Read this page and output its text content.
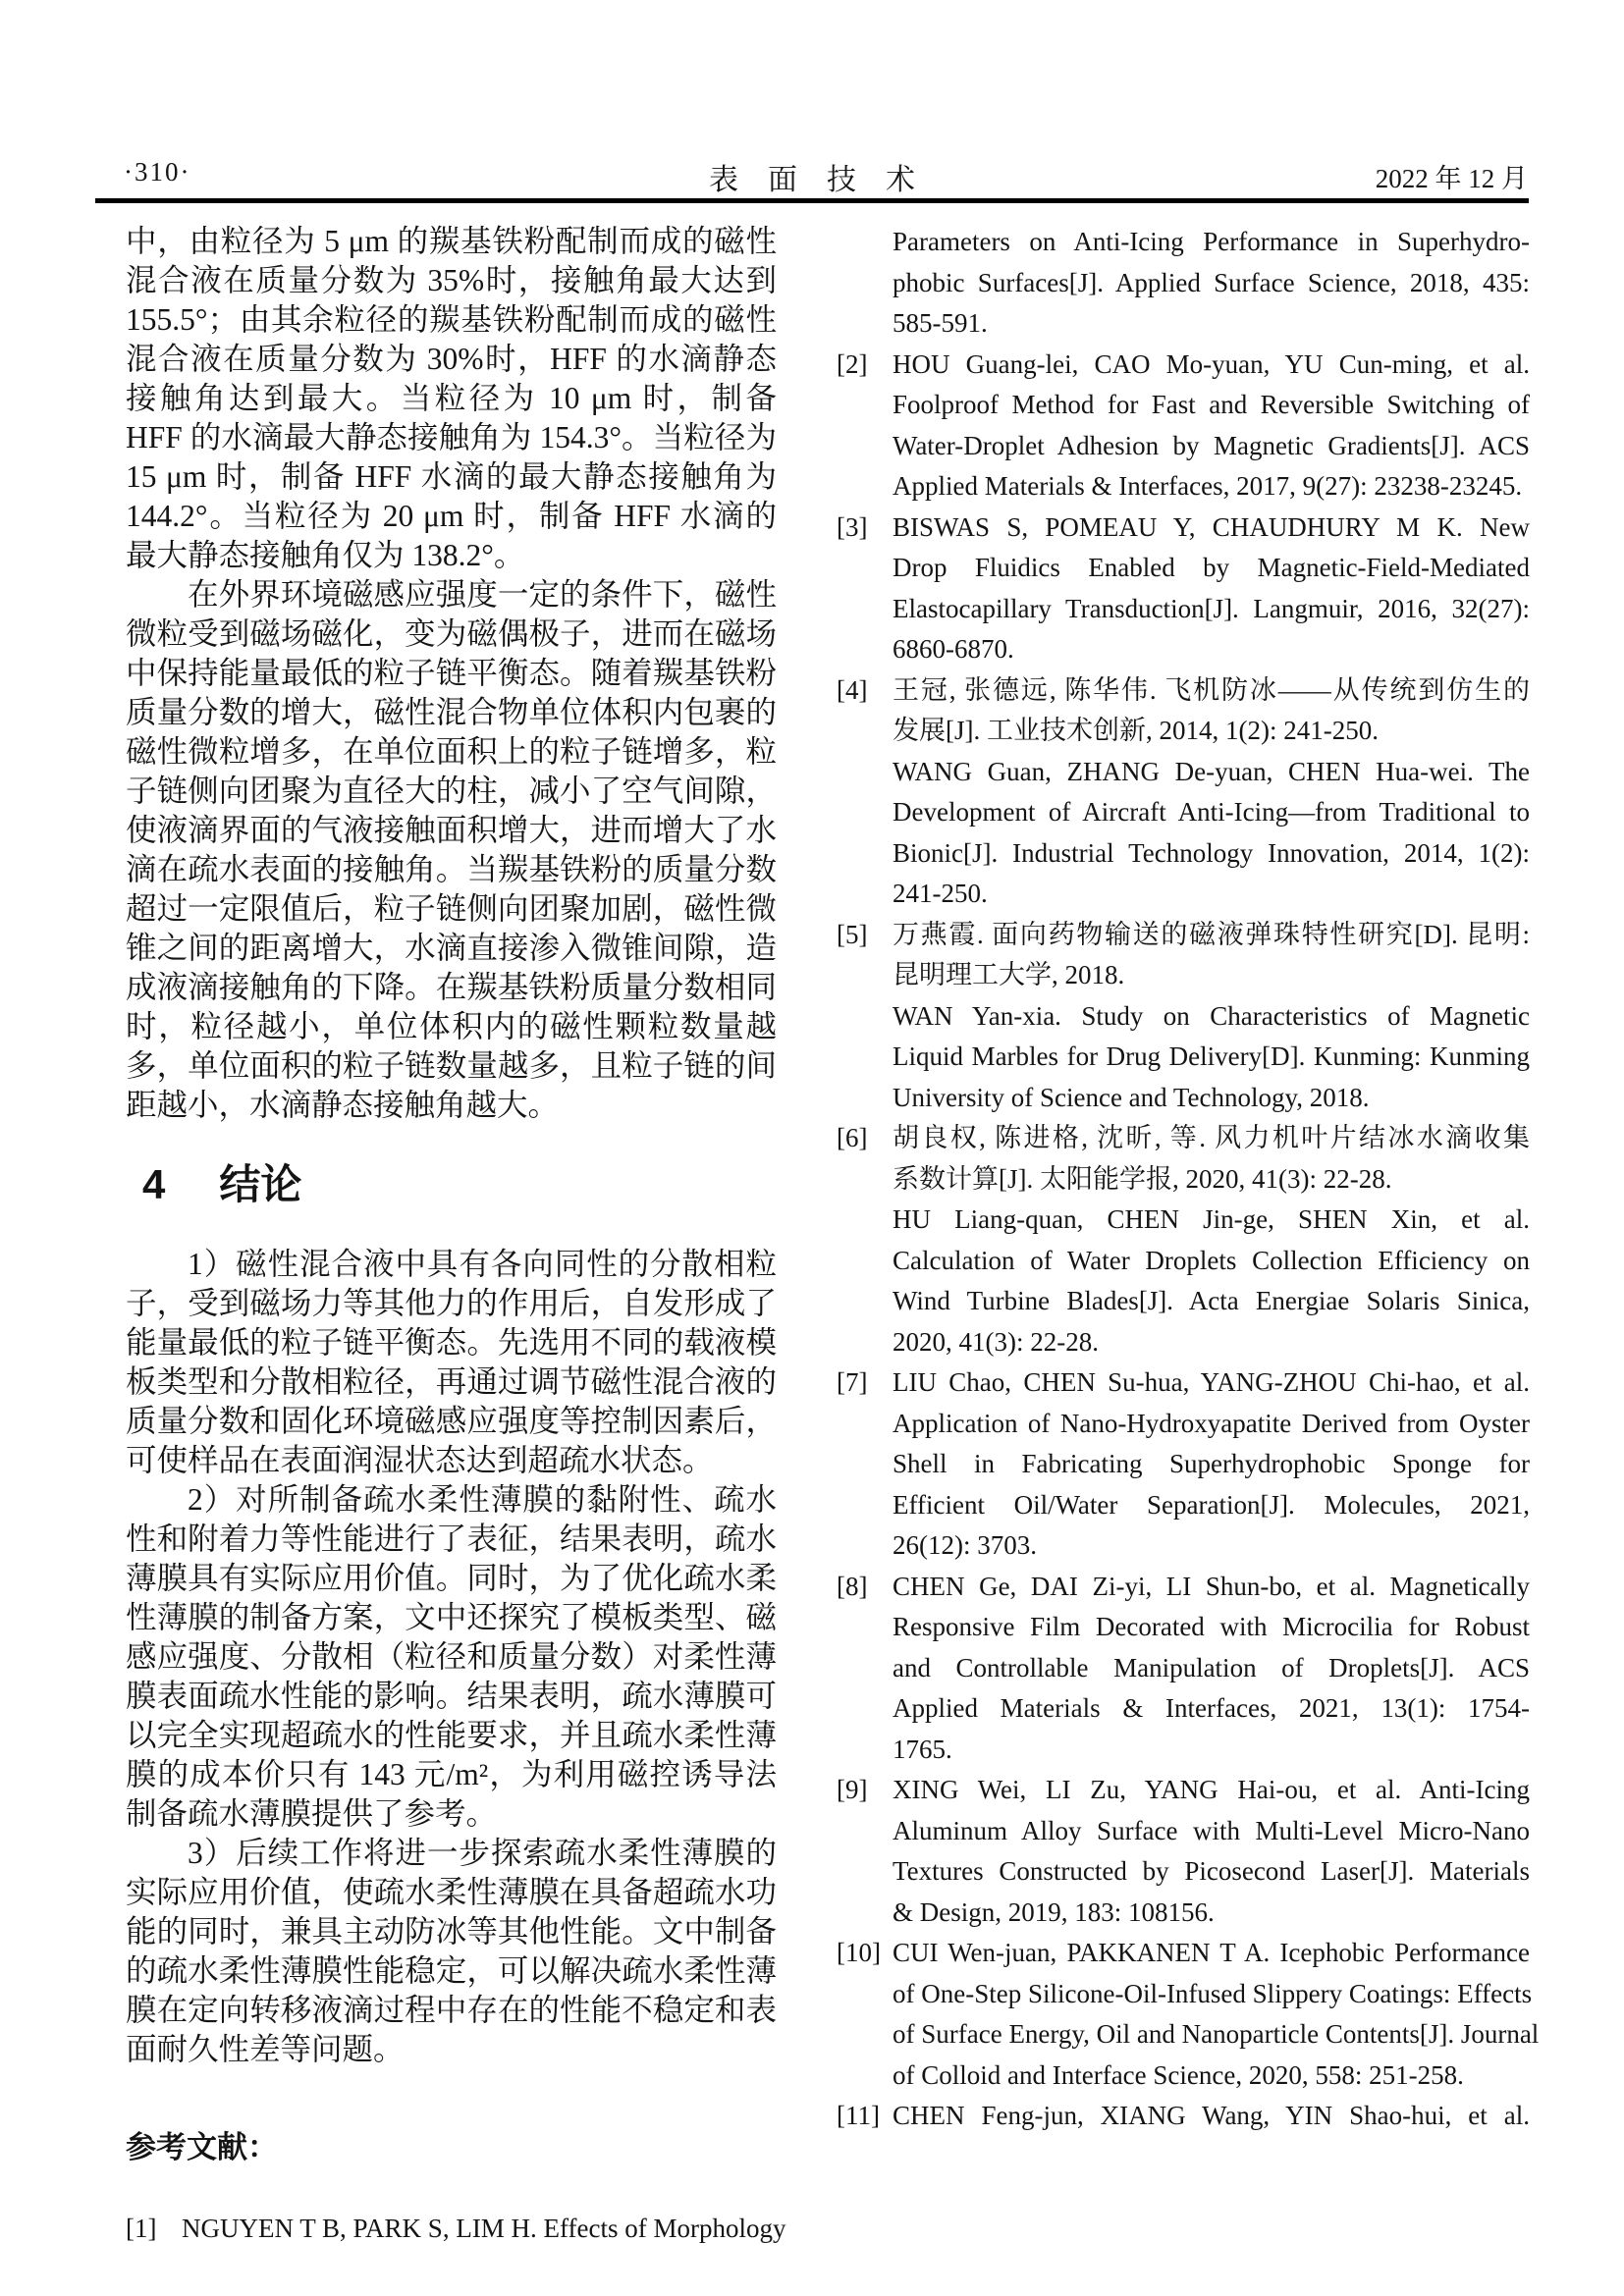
·310·	表　面　技　术	2022 年 12 月

中，由粒径为 5 μm 的羰基铁粉配制而成的磁性混合液在质量分数为 35%时，接触角最大达到 155.5°；由其余粒径的羰基铁粉配制而成的磁性混合液在质量分数为 30%时，HFF 的水滴静态接触角达到最大。当粒径为 10 μm 时，制备 HFF 的水滴最大静态接触角为 154.3°。当粒径为 15 μm 时，制备 HFF 水滴的最大静态接触角为 144.2°。当粒径为 20 μm 时，制备 HFF 水滴的最大静态接触角仅为 138.2°。

在外界环境磁感应强度一定的条件下，磁性微粒受到磁场磁化，变为磁偶极子，进而在磁场中保持能量最低的粒子链平衡态。随着羰基铁粉质量分数的增大，磁性混合物单位体积内包裹的磁性微粒增多，在单位面积上的粒子链增多，粒子链侧向团聚为直径大的柱，减小了空气间隙，使液滴界面的气液接触面积增大，进而增大了水滴在疏水表面的接触角。当羰基铁粉的质量分数超过一定限值后，粒子链侧向团聚加剧，磁性微锥之间的距离增大，水滴直接渗入微锥间隙，造成液滴接触角的下降。在羰基铁粉质量分数相同时，粒径越小，单位体积内的磁性颗粒数量越多，单位面积的粒子链数量越多，且粒子链的间距越小，水滴静态接触角越大。

4 结论

1）磁性混合液中具有各向同性的分散相粒子，受到磁场力等其他力的作用后，自发形成了能量最低的粒子链平衡态。先选用不同的载液模板类型和分散相粒径，再通过调节磁性混合液的质量分数和固化环境磁感应强度等控制因素后，可使样品在表面润湿状态达到超疏水状态。

2）对所制备疏水柔性薄膜的黏附性、疏水性和附着力等性能进行了表征，结果表明，疏水薄膜具有实际应用价值。同时，为了优化疏水柔性薄膜的制备方案，文中还探究了模板类型、磁感应强度、分散相（粒径和质量分数）对柔性薄膜表面疏水性能的影响。结果表明，疏水薄膜可以完全实现超疏水的性能要求，并且疏水柔性薄膜的成本价只有 143 元/m²，为利用磁控诱导法制备疏水薄膜提供了参考。

3）后续工作将进一步探索疏水柔性薄膜的实际应用价值，使疏水柔性薄膜在具备超疏水功能的同时，兼具主动防冰等其他性能。文中制备的疏水柔性薄膜性能稳定，可以解决疏水柔性薄膜在定向转移液滴过程中存在的性能不稳定和表面耐久性差等问题。

参考文献：
[1] NGUYEN T B, PARK S, LIM H. Effects of Morphology
Parameters on Anti-Icing Performance in Superhydro-
phobic Surfaces[J]. Applied Surface Science, 2018, 435:
585-591.
[2] HOU Guang-lei, CAO Mo-yuan, YU Cun-ming, et al.
Foolproof Method for Fast and Reversible Switching of
Water-Droplet Adhesion by Magnetic Gradients[J]. ACS
Applied Materials & Interfaces, 2017, 9(27): 23238-23245.
[3] BISWAS S, POMEAU Y, CHAUDHURY M K. New
Drop Fluidics Enabled by Magnetic-Field-Mediated
Elastocapillary Transduction[J]. Langmuir, 2016, 32(27):
6860-6870.
[4] 王冠, 张德远, 陈华伟. 飞机防冰——从传统到仿生的
发展[J]. 工业技术创新, 2014, 1(2): 241-250.
WANG Guan, ZHANG De-yuan, CHEN Hua-wei. The
Development of Aircraft Anti-Icing—from Traditional to
Bionic[J]. Industrial Technology Innovation, 2014, 1(2):
241-250.
[5] 万燕霞. 面向药物输送的磁液弹珠特性研究[D]. 昆明:
昆明理工大学, 2018.
WAN Yan-xia. Study on Characteristics of Magnetic
Liquid Marbles for Drug Delivery[D]. Kunming: Kunming
University of Science and Technology, 2018.
[6] 胡良权, 陈进格, 沈昕, 等. 风力机叶片结冰水滴收集
系数计算[J]. 太阳能学报, 2020, 41(3): 22-28.
HU Liang-quan, CHEN Jin-ge, SHEN Xin, et al.
Calculation of Water Droplets Collection Efficiency on
Wind Turbine Blades[J]. Acta Energiae Solaris Sinica,
2020, 41(3): 22-28.
[7] LIU Chao, CHEN Su-hua, YANG-ZHOU Chi-hao, et al.
Application of Nano-Hydroxyapatite Derived from Oyster
Shell in Fabricating Superhydrophobic Sponge for
Efficient Oil/Water Separation[J]. Molecules, 2021,
26(12): 3703.
[8] CHEN Ge, DAI Zi-yi, LI Shun-bo, et al. Magnetically
Responsive Film Decorated with Microcilia for Robust
and Controllable Manipulation of Droplets[J]. ACS
Applied Materials & Interfaces, 2021, 13(1): 1754-
1765.
[9] XING Wei, LI Zu, YANG Hai-ou, et al. Anti-Icing
Aluminum Alloy Surface with Multi-Level Micro-Nano
Textures Constructed by Picosecond Laser[J]. Materials
& Design, 2019, 183: 108156.
[10] CUI Wen-juan, PAKKANEN T A. Icephobic Performance
of One-Step Silicone-Oil-Infused Slippery Coatings: Effects
of Surface Energy, Oil and Nanoparticle Contents[J]. Journal
of Colloid and Interface Science, 2020, 558: 251-258.
[11] CHEN Feng-jun, XIANG Wang, YIN Shao-hui, et al.
